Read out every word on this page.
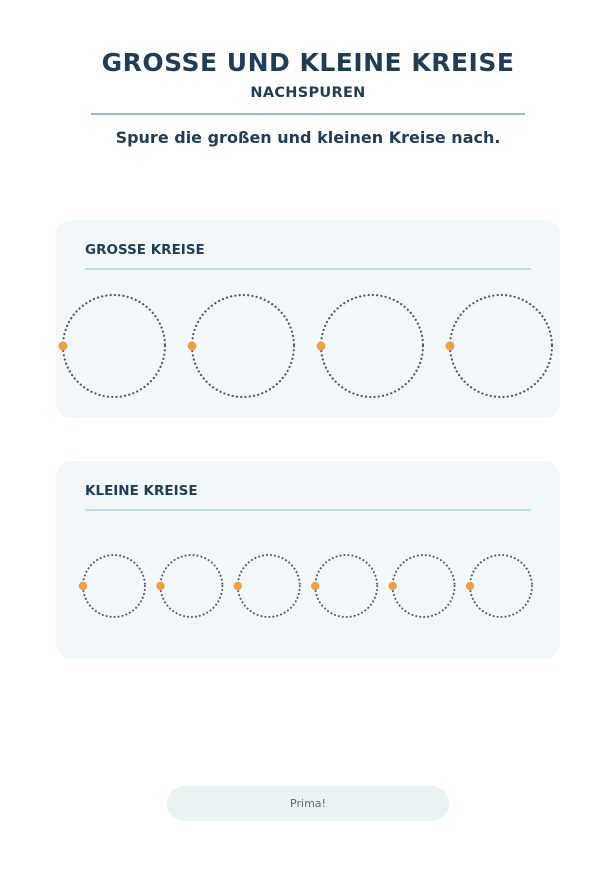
GROSSE UND KLEINE KREISE
NACHSPUREN
Spure die großen und kleinen Kreise nach.
GROSSE KREISE
KLEINE KREISE
Prima!
